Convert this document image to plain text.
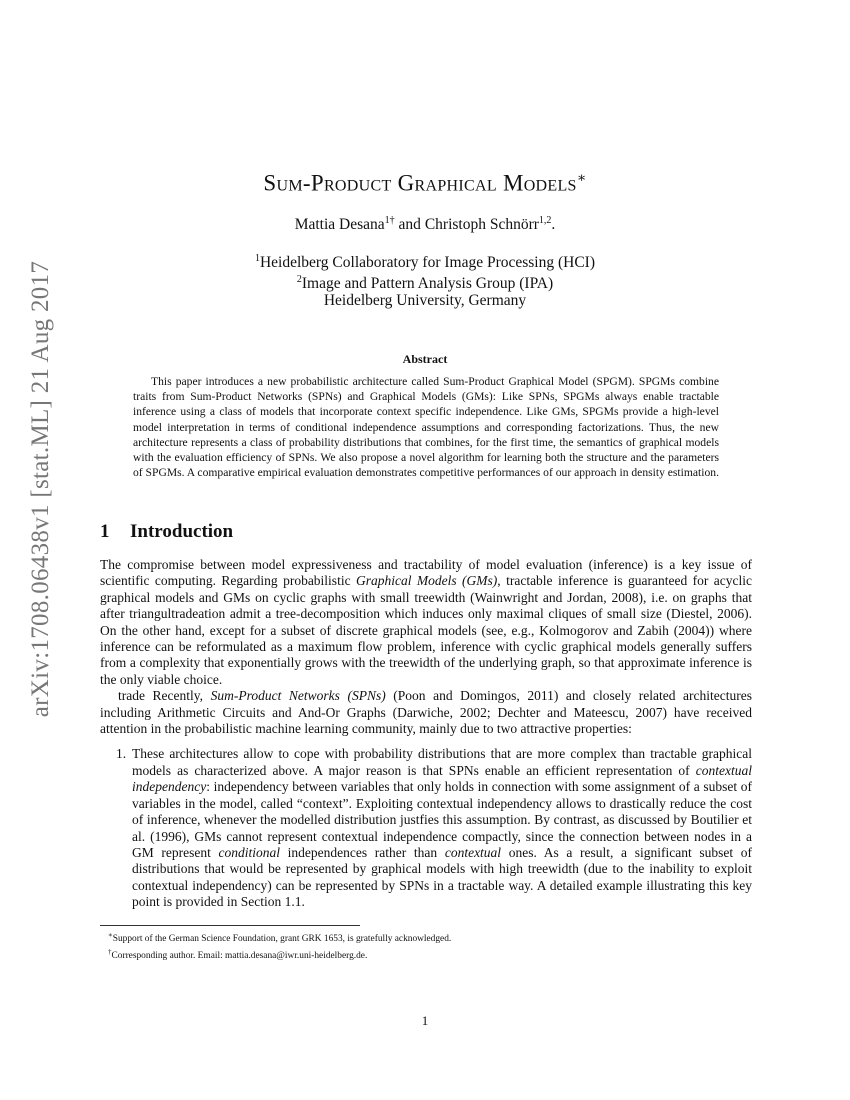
arXiv:1708.06438v1 [stat.ML] 21 Aug 2017
Sum-Product Graphical Models∗
Mattia Desana$^{1\dagger}$ and Christoph Schnörr$^{1,2}$.
$^1$Heidelberg Collaboratory for Image Processing (HCI)
$^2$Image and Pattern Analysis Group (IPA)
Heidelberg University, Germany
Abstract

This paper introduces a new probabilistic architecture called Sum-Product Graphical Model (SPGM). SPGMs combine traits from Sum-Product Networks (SPNs) and Graphical Models (GMs): Like SPNs, SPGMs always enable tractable inference using a class of models that incorporate context specific independence. Like GMs, SPGMs provide a high-level model interpretation in terms of conditional independence assumptions and corresponding factorizations. Thus, the new architecture represents a class of probability distributions that combines, for the first time, the semantics of graphical models with the evaluation efficiency of SPNs. We also propose a novel algorithm for learning both the structure and the parameters of SPGMs. A comparative empirical evaluation demonstrates competitive performances of our approach in density estimation.

1 Introduction

The compromise between model expressiveness and tractability of model evaluation (inference) is a key issue of scientific computing. Regarding probabilistic Graphical Models (GMs), tractable inference is guaranteed for acyclic graphical models and GMs on cyclic graphs with small treewidth (Wainwright and Jordan, 2008), i.e. on graphs that after triangultradeation admit a tree-decomposition which induces only maximal cliques of small size (Diestel, 2006). On the other hand, except for a subset of discrete graphical models (see, e.g., Kolmogorov and Zabih (2004)) where inference can be reformulated as a maximum flow problem, inference with cyclic graphical models generally suffers from a complexity that exponentially grows with the treewidth of the underlying graph, so that approximate inference is the only viable choice.

trade Recently, Sum-Product Networks (SPNs) (Poon and Domingos, 2011) and closely related architectures including Arithmetic Circuits and And-Or Graphs (Darwiche, 2002; Dechter and Mateescu, 2007) have received attention in the probabilistic machine learning community, mainly due to two attractive properties:

1. These architectures allow to cope with probability distributions that are more complex than tractable graphical models as characterized above. A major reason is that SPNs enable an efficient representation of contextual independency: independency between variables that only holds in connection with some assignment of a subset of variables in the model, called “context”. Exploiting contextual independency allows to drastically reduce the cost of inference, whenever the modelled distribution justfies this assumption. By contrast, as discussed by Boutilier et al. (1996), GMs cannot represent contextual independence compactly, since the connection between nodes in a GM represent conditional independences rather than contextual ones. As a result, a significant subset of distributions that would be represented by graphical models with high treewidth (due to the inability to exploit contextual independency) can be represented by SPNs in a tractable way. A detailed example illustrating this key point is provided in Section 1.1.
∗Support of the German Science Foundation, grant GRK 1653, is gratefully acknowledged.
†Corresponding author. Email: mattia.desana@iwr.uni-heidelberg.de.
1
